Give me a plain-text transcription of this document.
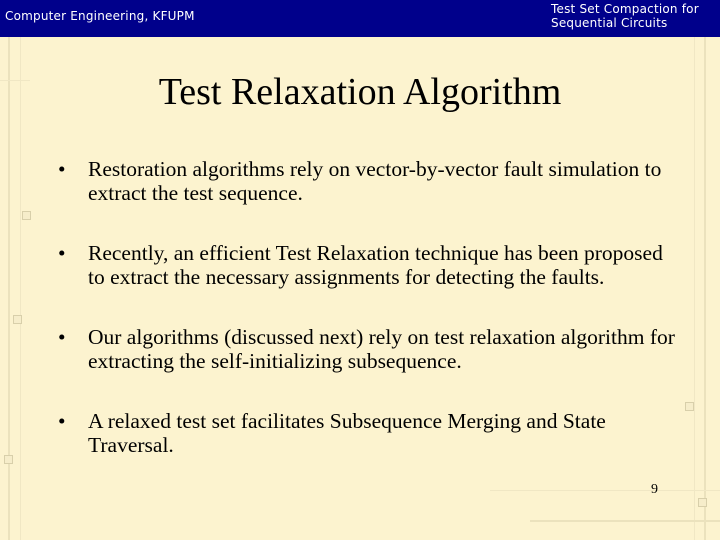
Computer Engineering, KFUPM	Test Set Compaction for
Sequential Circuits
Test Relaxation Algorithm
• Restoration algorithms rely on vector-by-vector fault simulation to extract the test sequence.
• Recently, an efficient Test Relaxation technique has been proposed to extract the necessary assignments for detecting the faults.
• Our algorithms (discussed next) rely on test relaxation algorithm for extracting the self-initializing subsequence.
• A relaxed test set facilitates Subsequence Merging and State Traversal.
9
